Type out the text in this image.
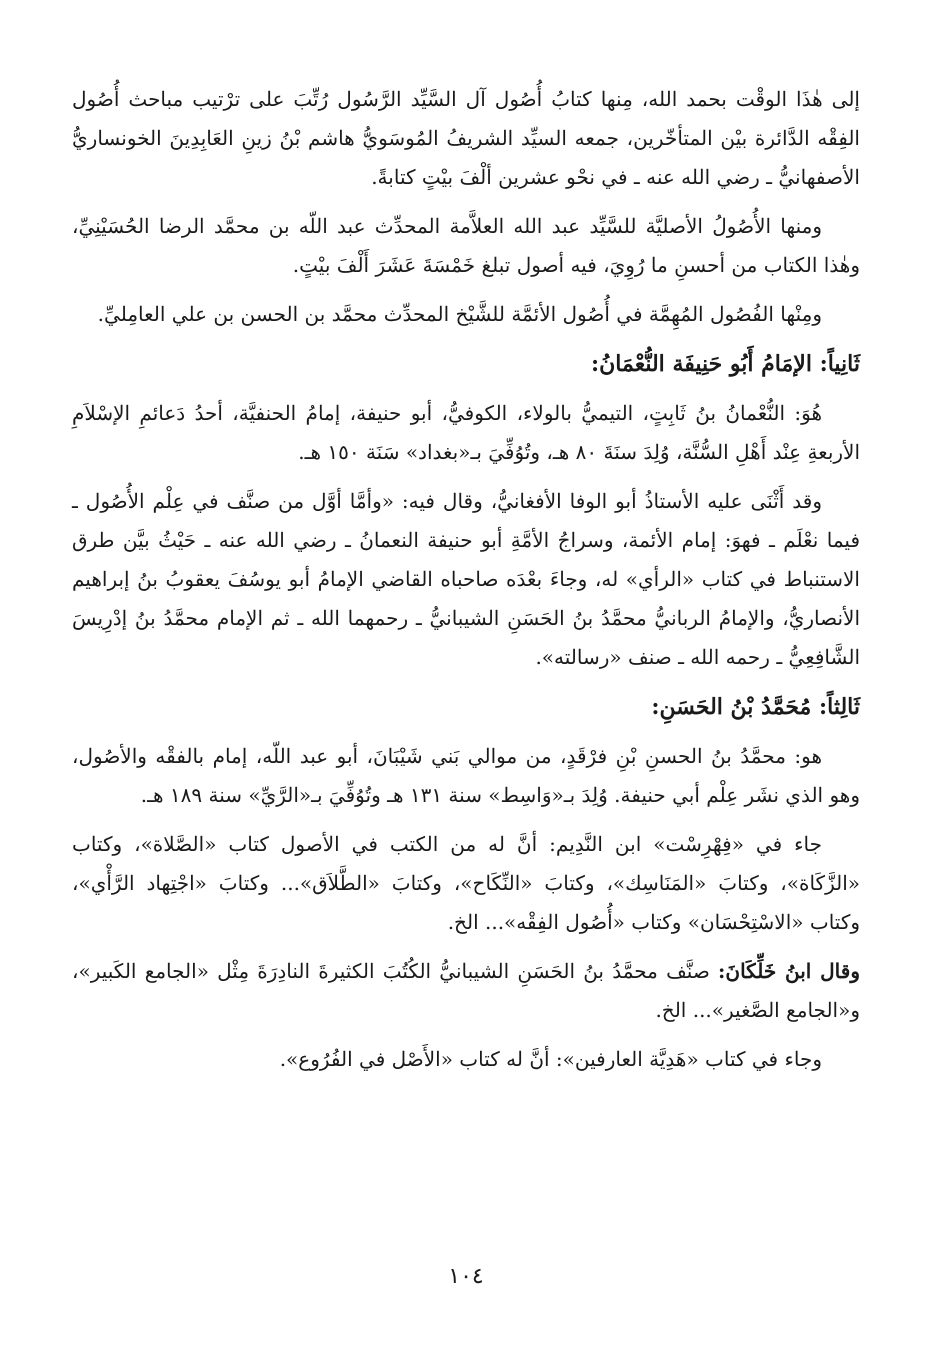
إلى هٰذَا الوقْت بحمد الله، مِنها كتابُ أُصُول آل السَّيِّد الرَّسُول رُتِّبَ على ترْتيب مباحث أُصُول الفِقْه الدَّائرة بيْن المتأخّرين، جمعه السيِّد الشريفُ المُوسَويُّ هاشم بْنُ زينِ العَابِدِينَ الخونساريُّ الأصفهانيُّ ـ رضي الله عنه ـ في نحْو عشرين ألْفَ بيْتٍ كتابةً.

ومنها الأُصُولُ الأصليَّة للسَّيِّد عبد الله العلاَّمة المحدِّث عبد اللّه بن محمَّد الرضا الحُسَيْنِيِّ، وهٰذا الكتاب من أحسنِ ما رُوِيَ، فيه أصول تبلغ خَمْسَةَ عَشَرَ أَلْفَ بيْتٍ.

ومِنْها الفُصُول المُهِمَّة في أُصُول الأئمَّة للشَّيْخ المحدِّث محمَّد بن الحسن بن علي العامِليِّ.

ثَانِياً: الإمَامُ أَبُو حَنِيفَة النُّعْمَانُ:

هُوَ: النُّعْمانُ بنُ ثَابِتٍ، التيميُّ بالولاء، الكوفيُّ، أبو حنيفة، إمامُ الحنفيَّة، أحدُ دَعائمِ الإسْلاَمِ الأربعةِ عِنْد أَهْلِ السُّنَّة، وُلِدَ سنَةَ ٨٠ هـ، وتُوُفِّيَ بـ«بغداد» سَنَة ١٥٠ هـ.

وقد أَثْنَى عليه الأستاذُ أبو الوفا الأفغانيُّ، وقال فيه: «وأمَّا أوَّل من صنَّف في عِلْم الأُصُول ـ فيما نعْلَم ـ فهوَ: إمام الأئمة، وسراجُ الأمَّةِ أبو حنيفة النعمانُ ـ رضي الله عنه ـ حَيْثُ بيَّن طرق الاستنباط في كتاب «الرأي» له، وجاءَ بعْدَه صاحباه القاضي الإمامُ أبو يوسُفَ يعقوبُ بنُ إبراهيم الأنصاريُّ، والإمامُ الربانيُّ محمَّدُ بنُ الحَسَنِ الشيبانيُّ ـ رحمهما الله ـ ثم الإمام محمَّدُ بنُ إدْرِيسَ الشَّافِعِيُّ ـ رحمه الله ـ صنف «رسالته».

ثَالِثاً: مُحَمَّدُ بْنُ الحَسَنِ:

هو: محمَّدُ بنُ الحسنِ بْنِ فرْقَدٍ، من موالي بَني شَيْبَانَ، أبو عبد اللّه، إمام بالفقْه والأصُول، وهو الذي نشَر عِلْم أبي حنيفة. وُلِدَ بـ«وَاسِط» سنة ١٣١ هـ وتُوُفِّيَ بـ«الرَّيِّ» سنة ١٨٩ هـ.

جاء في «فِهْرِسْت» ابن النَّدِيم: أنَّ له من الكتب في الأصول كتاب «الصَّلاة»، وكتاب «الزَّكَاة»، وكتابَ «المَنَاسِك»، وكتابَ «النِّكَاح»، وكتابَ «الطَّلاَق»... وكتابَ «اجْتِهاد الرَّأْي»، وكتاب «الاسْتِحْسَان» وكتاب «أُصُول الفِقْه»... الخ.

وقال ابنُ خَلِّكَانَ: صنَّف محمَّدُ بنُ الحَسَنِ الشيبانيُّ الكُتُبَ الكثيرةَ النادِرَةَ مِثْل «الجامع الكَبير»، و«الجامع الصَّغير»... الخ.

وجاء في كتاب «هَدِيَّة العارفين»: أنَّ له كتاب «الأَصْل في الفُرُوع».

١٠٤
